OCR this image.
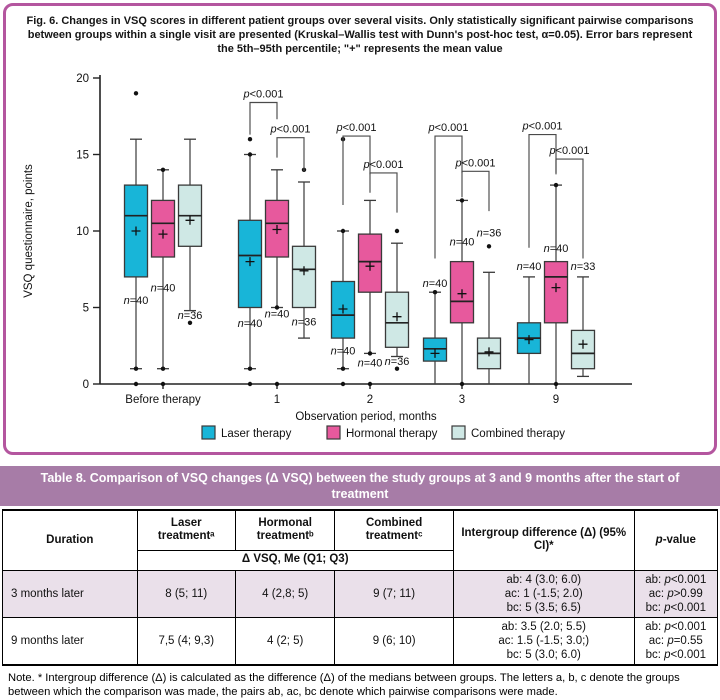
Fig. 6. Changes in VSQ scores in different patient groups over several visits. Only statistically significant pairwise comparisons between groups within a single visit are presented (Kruskal–Wallis test with Dunn's post-hoc test, α=0.05). Error bars represent the 5th–95th percentile; "+" represents the mean value
0
5
10
15
20
VSQ questionnaire, points
Before therapy	1	2	3	9
Observation period, months
n=40
n=40
n=40
n=40
n=40
n=40
n=40
n=40
n=40
n=40
n=36
n=36
n=36
n=36
n=33
p<0.001
p<0.001 p<0.001
p<0.001
p<0.001
p<0.001
p<0.001
p<0.001
Laser therapy	Hormonal therapy	Combined therapy
Table 8. Comparison of VSQ changes (Δ VSQ) between the study groups at 3 and 9 months after the start of treatment
Duration	Laser treatmentᵃ	Hormonal treatmentᵇ	Combined treatmentᶜ	Intergroup difference (Δ) (95% CI)*	p-value
	Δ VSQ, Me (Q1; Q3)				
3 months later	8 (5; 11)	4 (2,8; 5)	9 (7; 11)	ab: 4 (3.0; 6.0)
ac: 1 (-1.5; 2.0)
bc: 5 (3.5; 6.5)	ab: p<0.001
ac: p>0.99
bc: p<0.001
9 months later	7,5 (4; 9,3)	4 (2; 5)	9 (6; 10)	ab: 3.5 (2.0; 5.5)
ac: 1.5 (-1.5; 3.0;)
bc: 5 (3.0; 6.0)	ab: p<0.001
ac: p=0.55
bc: p<0.001
Note. * Intergroup difference (Δ) is calculated as the difference (Δ) of the medians between groups. The letters a, b, c denote the groups between which the comparison was made, the pairs ab, ac, bc denote which pairwise comparisons were made.
